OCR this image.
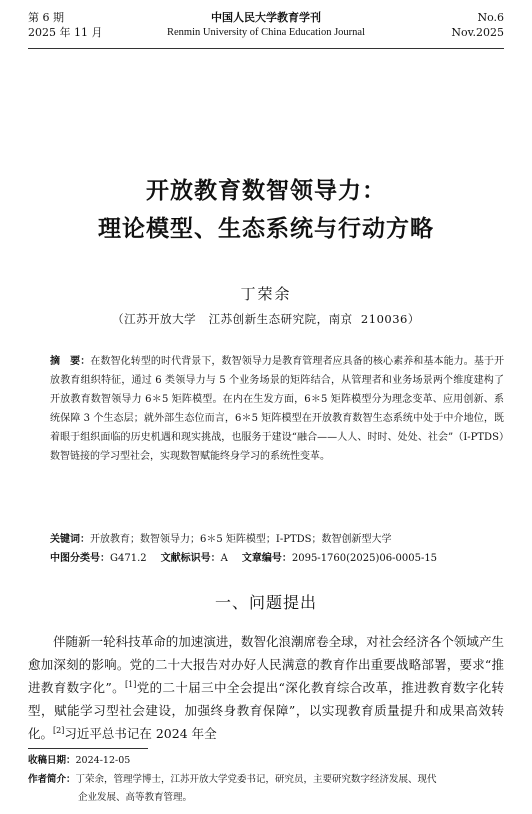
第 6 期
2025 年 11 月
中国人民大学教育学刊
Renmin University of China Education Journal
No.6
Nov.2025
开放教育数智领导力：
理论模型、生态系统与行动方略
丁荣余
（江苏开放大学   江苏创新生态研究院，南京  210036）

摘　要：在数智化转型的时代背景下，数智领导力是教育管理者应具备的核心素养和基本能力。基于开放教育组织特征，通过 6 类领导力与 5 个业务场景的矩阵结合，从管理者和业务场景两个维度建构了开放教育数智领导力 6＊5 矩阵模型。在内在生发方面，6＊5 矩阵模型分为理念变革、应用创新、系统保障 3 个生态层；就外部生态位而言，6＊5 矩阵模型在开放教育数智生态系统中处于中介地位，既着眼于组织面临的历史机遇和现实挑战，也服务于建设“融合——人人、时时、处处、社会”（I-PTDS）数智链接的学习型社会，实现数智赋能终身学习的系统性变革。

关键词：开放教育；数智领导力；6＊5 矩阵模型；I-PTDS；数智创新型大学
中图分类号：G471.2 文献标识号：A 文章编号：2095-1760(2025)06-0005-15
一、问题提出
伴随新一轮科技革命的加速演进，数智化浪潮席卷全球，对社会经济各个领域产生愈加深刻的影响。党的二十大报告对办好人民满意的教育作出重要战略部署，要求“推进教育数字化”。[1]党的二十届三中全会提出“深化教育综合改革，推进教育数字化转型，赋能学习型社会建设，加强终身教育保障”，以实现教育质量提升和成果高效转化。[2]习近平总书记在 2024 年全
收稿日期：2024-12-05
作者简介：丁荣余，管理学博士，江苏开放大学党委书记，研究员，主要研究数字经济发展、现代
企业发展、高等教育管理。
